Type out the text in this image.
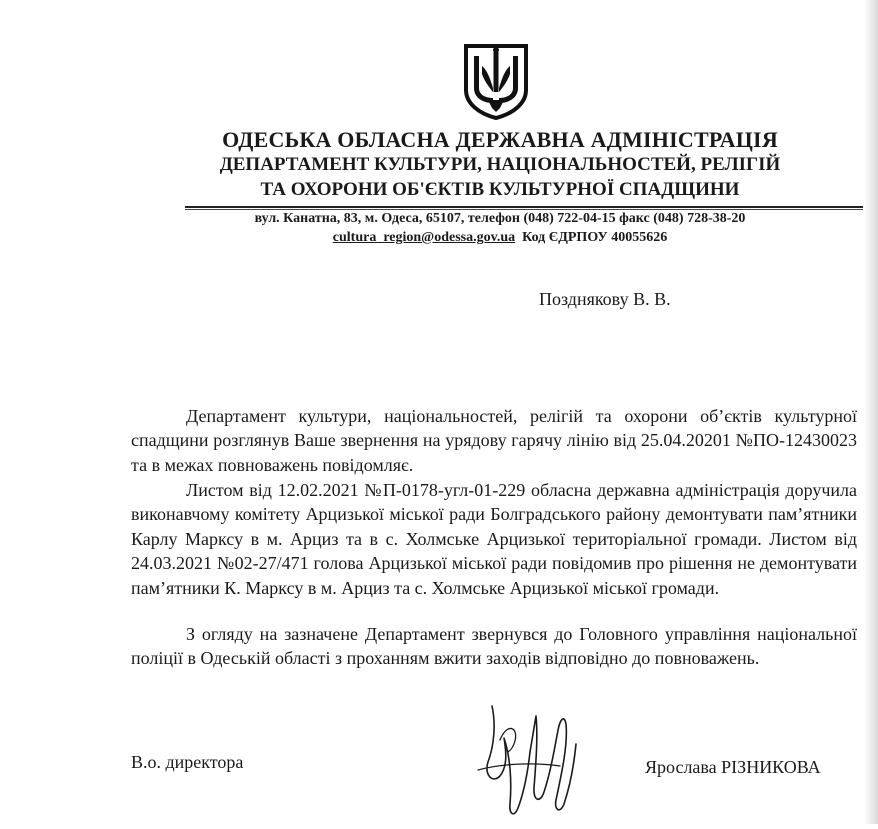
ОДЕСЬКА ОБЛАСНА ДЕРЖАВНА АДМІНІСТРАЦІЯ
ДЕПАРТАМЕНТ КУЛЬТУРИ, НАЦІОНАЛЬНОСТЕЙ, РЕЛІГІЙ
ТА ОХОРОНИ ОБ'ЄКТІВ КУЛЬТУРНОЇ СПАДЩИНИ
вул. Канатна, 83, м. Одеса, 65107, телефон (048) 722-04-15 факс (048) 728-38-20
cultura_region@odessa.gov.ua Код ЄДРПОУ 40055626
Позднякову В. В.

Департамент культури, національностей, релігій та охорони об’єктів культурної спадщини розглянув Ваше звернення на урядову гарячу лінію від 25.04.20201 №ПО-12430023 та в межах повноважень повідомляє.

Листом від 12.02.2021 №П-0178-угл-01-229 обласна державна адміністрація доручила виконавчому комітету Арцизької міської ради Болградського району демонтувати пам’ятники Карлу Марксу в м. Арциз та в с. Холмське Арцизької територіальної громади. Листом від 24.03.2021 №02-27/471 голова Арцизької міської ради повідомив про рішення не демонтувати пам’ятники К. Марксу в м. Арциз та с. Холмське Арцизької міської громади.

З огляду на зазначене Департамент звернувся до Головного управління національної поліції в Одеській області з проханням вжити заходів відповідно до повноважень.

В.о. директора	Ярослава РІЗНИКОВА
